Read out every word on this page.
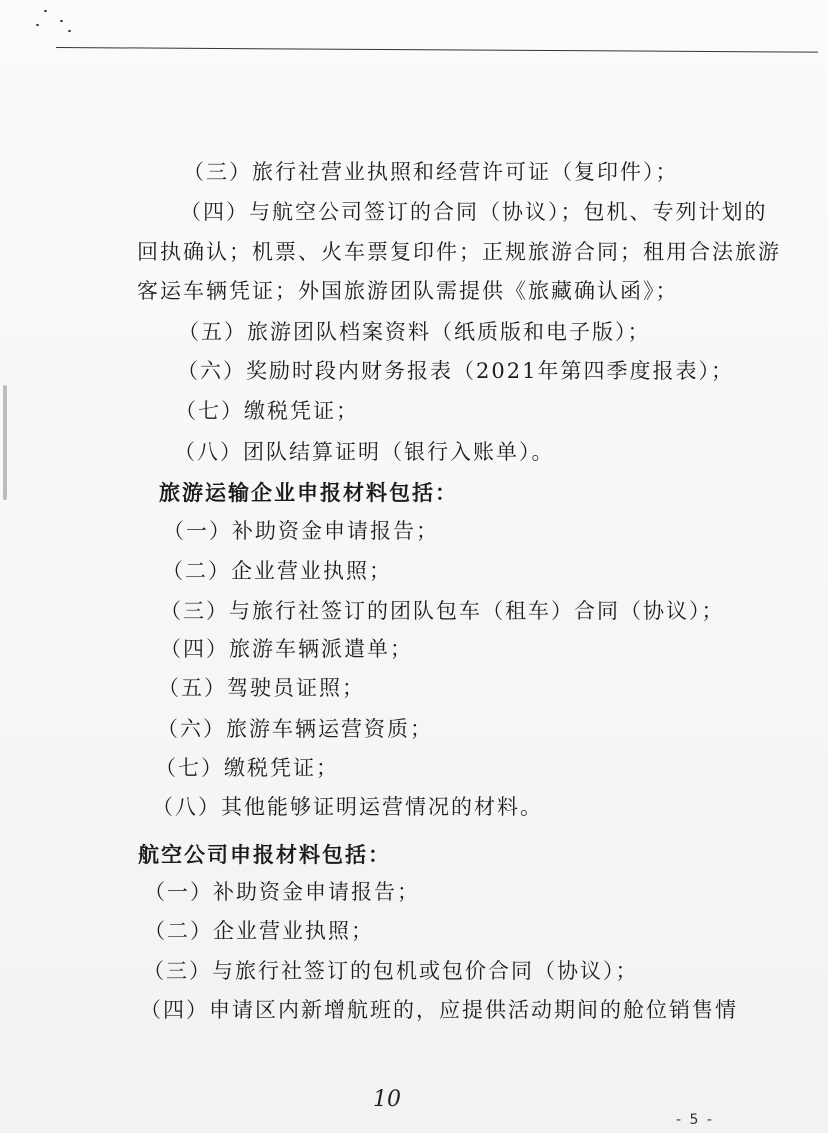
（三）旅行社营业执照和经营许可证（复印件）；
（四）与航空公司签订的合同（协议）；包机、专列计划的
回执确认；机票、火车票复印件；正规旅游合同；租用合法旅游
客运车辆凭证；外国旅游团队需提供《旅藏确认函》；
（五）旅游团队档案资料（纸质版和电子版）；
（六）奖励时段内财务报表（2021年第四季度报表）；
（七）缴税凭证；
（八）团队结算证明（银行入账单）。
旅游运输企业申报材料包括：
（一）补助资金申请报告；
（二）企业营业执照；
（三）与旅行社签订的团队包车（租车）合同（协议）；
（四）旅游车辆派遣单；
（五）驾驶员证照；
（六）旅游车辆运营资质；
（七）缴税凭证；
（八）其他能够证明运营情况的材料。
航空公司申报材料包括：
（一）补助资金申请报告；
（二）企业营业执照；
（三）与旅行社签订的包机或包价合同（协议）；
（四）申请区内新增航班的，应提供活动期间的舱位销售情
10
- 5 -
